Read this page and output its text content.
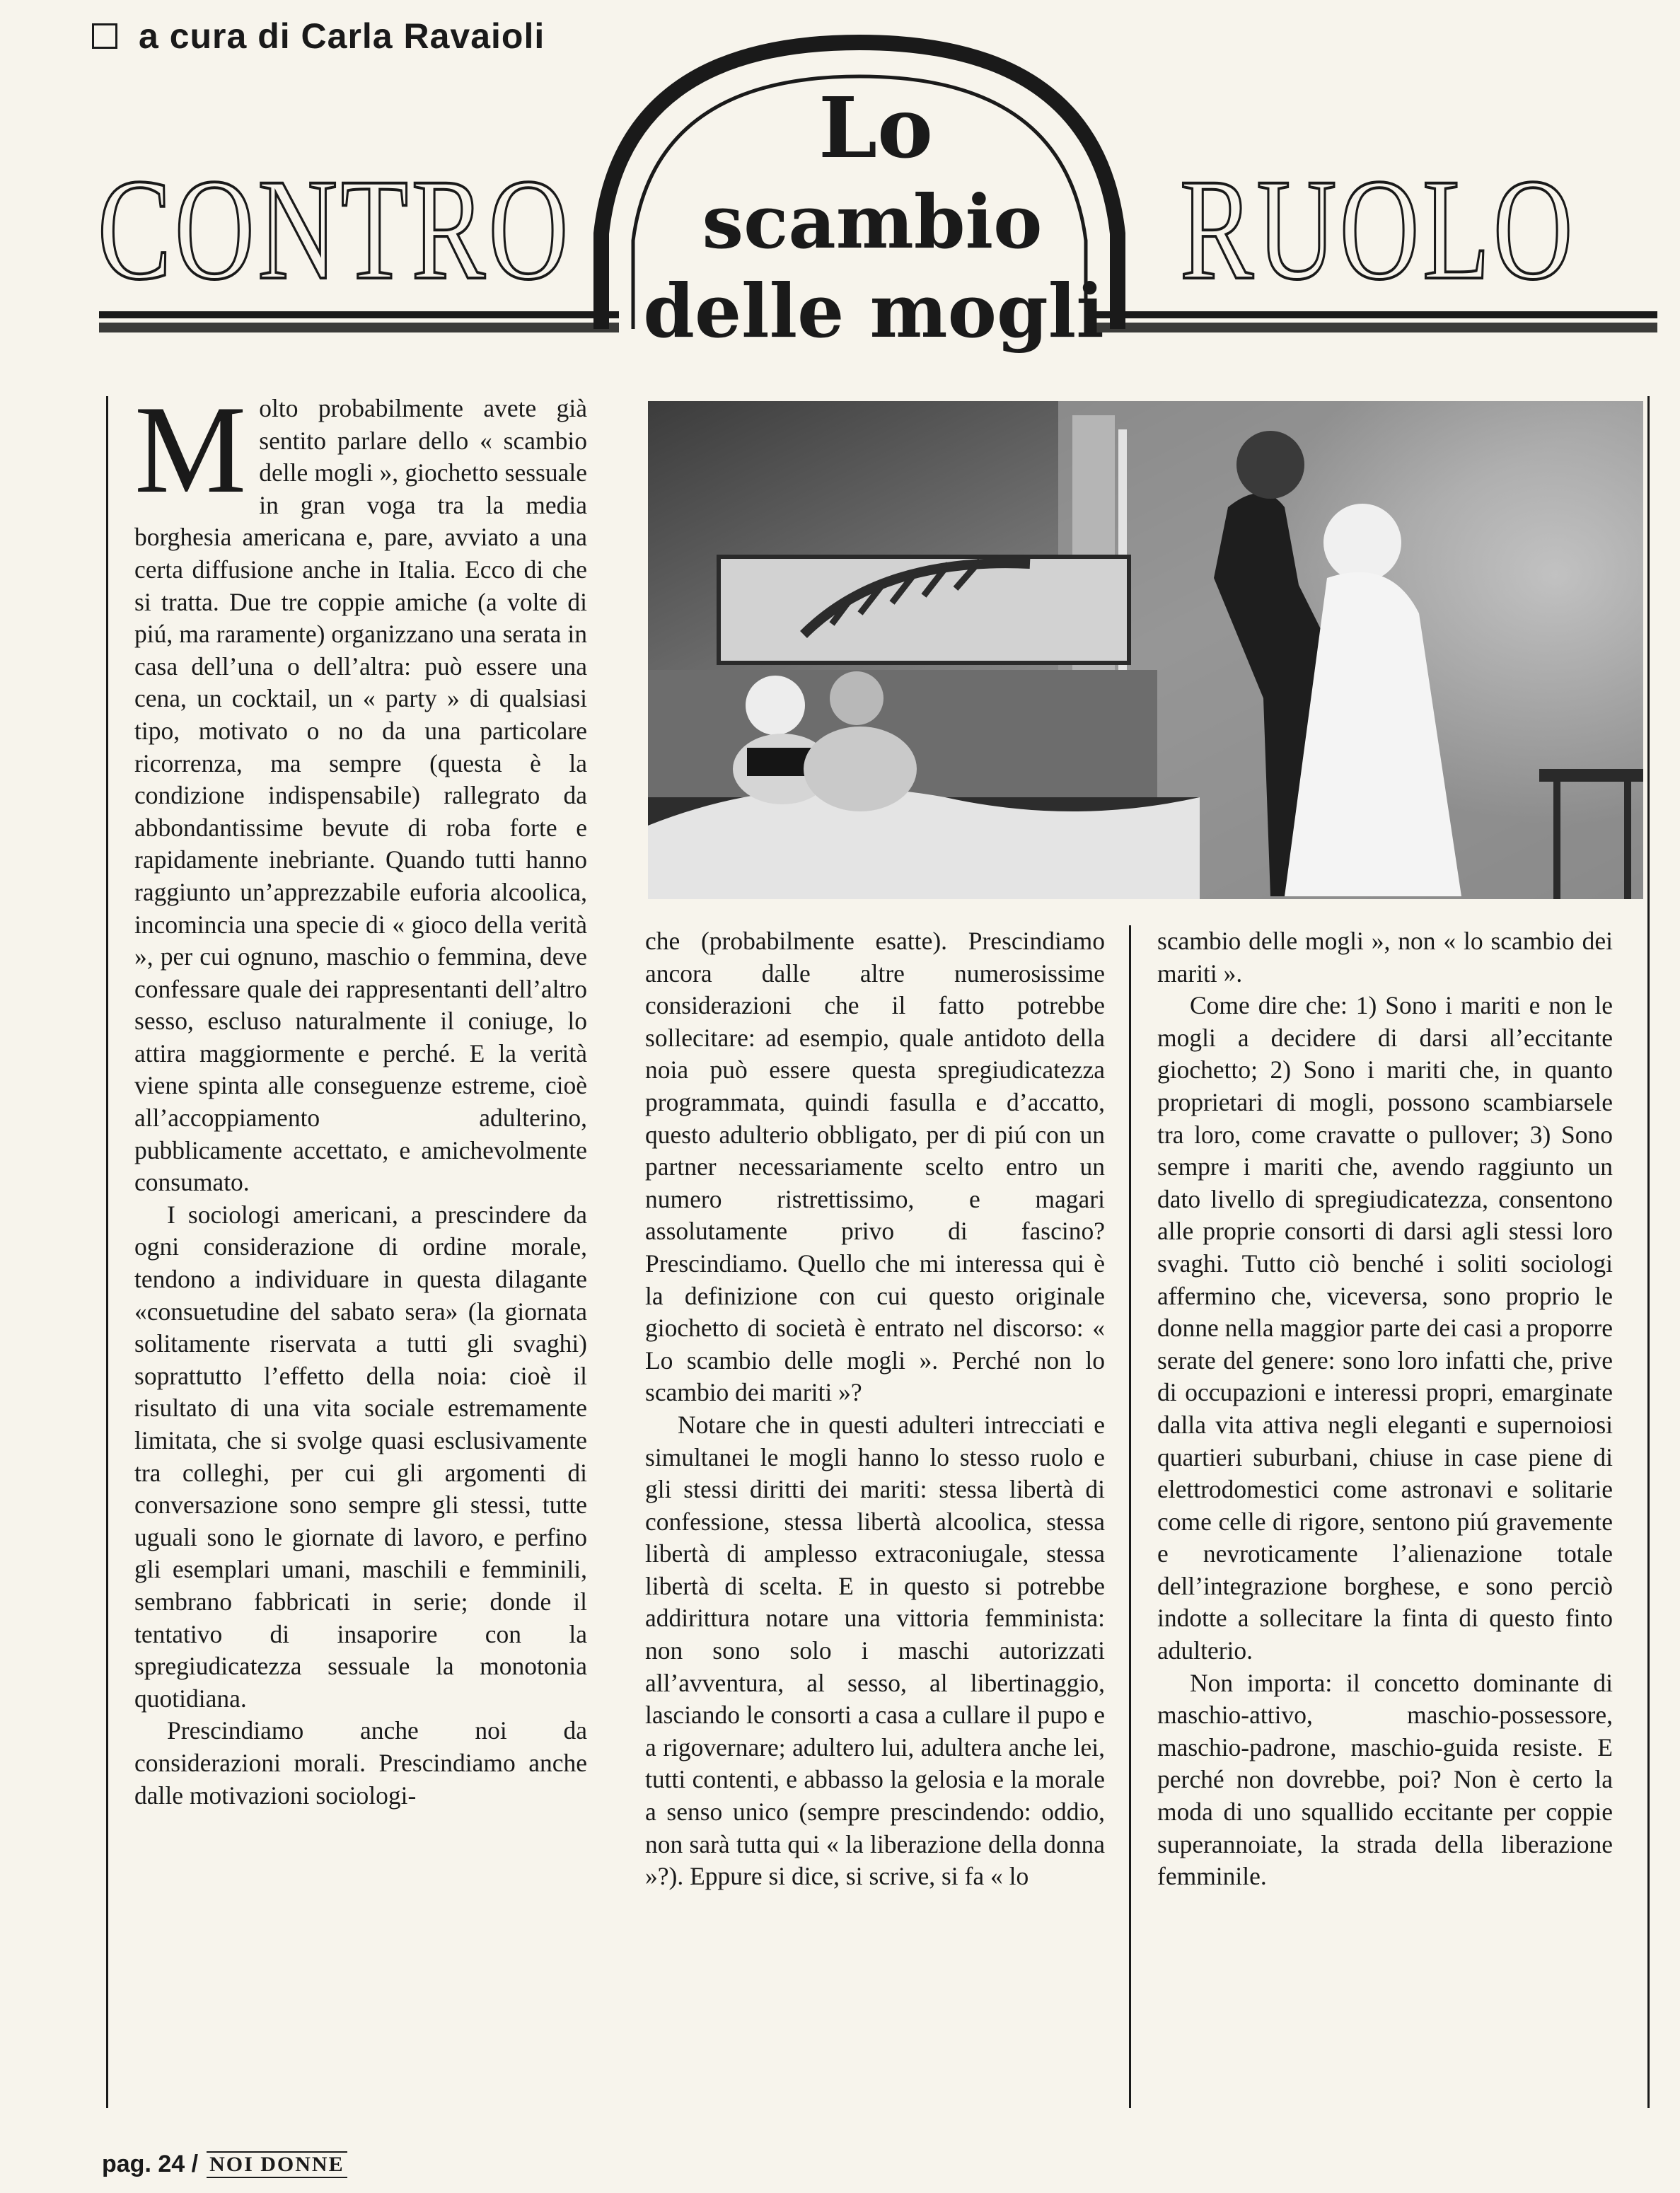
a cura di Carla Ravaioli
CONTRO	RUOLO
Lo
scambio
delle mogli

Molto probabilmente avete già sentito parlare dello « scambio delle mogli », giochetto sessuale in gran voga tra la media borghesia americana e, pare, avviato a una certa diffusione anche in Italia. Ecco di che si tratta. Due tre coppie amiche (a volte di piú, ma raramente) organizzano una serata in casa dell’una o dell’altra: può essere una cena, un cocktail, un « party » di qualsiasi tipo, motivato o no da una particolare ricorrenza, ma sempre (questa è la condizione indispensabile) rallegrato da abbondantissime bevute di roba forte e rapidamente inebriante. Quando tutti hanno raggiunto un’apprezzabile euforia alcoolica, incomincia una specie di « gioco della verità », per cui ognuno, maschio o femmina, deve confessare quale dei rappresentanti dell’altro sesso, escluso naturalmente il coniuge, lo attira maggiormente e perché. E la verità viene spinta alle conseguenze estreme, cioè all’accoppiamento adulterino, pubblicamente accettato, e amichevolmente consumato.

I sociologi americani, a prescindere da ogni considerazione di ordine morale, tendono a individuare in questa dilagante «consuetudine del sabato sera» (la giornata solitamente riservata a tutti gli svaghi) soprattutto l’effetto della noia: cioè il risultato di una vita sociale estremamente limitata, che si svolge quasi esclusivamente tra colleghi, per cui gli argomenti di conversazione sono sempre gli stessi, tutte uguali sono le giornate di lavoro, e perfino gli esemplari umani, maschili e femminili, sembrano fabbricati in serie; donde il tentativo di insaporire con la spregiudicatezza sessuale la monotonia quotidiana.

Prescindiamo anche noi da considerazioni morali. Prescindiamo anche dalle motivazioni sociologi-

che (probabilmente esatte). Prescindiamo ancora dalle altre numerosissime considerazioni che il fatto potrebbe sollecitare: ad esempio, quale antidoto della noia può essere questa spregiudicatezza programmata, quindi fasulla e d’accatto, questo adulterio obbligato, per di piú con un partner necessariamente scelto entro un numero ristrettissimo, e magari assolutamente privo di fascino? Prescindiamo. Quello che mi interessa qui è la definizione con cui questo originale giochetto di società è entrato nel discorso: « Lo scambio delle mogli ». Perché non lo scambio dei mariti »?

Notare che in questi adulteri intrecciati e simultanei le mogli hanno lo stesso ruolo e gli stessi diritti dei mariti: stessa libertà di confessione, stessa libertà alcoolica, stessa libertà di amplesso extraconiugale, stessa libertà di scelta. E in questo si potrebbe addirittura notare una vittoria femminista: non sono solo i maschi autorizzati all’avventura, al sesso, al libertinaggio, lasciando le consorti a casa a cullare il pupo e a rigovernare; adultero lui, adultera anche lei, tutti contenti, e abbasso la gelosia e la morale a senso unico (sempre prescindendo: oddio, non sarà tutta qui « la liberazione della donna »?). Eppure si dice, si scrive, si fa « lo

scambio delle mogli », non « lo scambio dei mariti ».

Come dire che: 1) Sono i mariti e non le mogli a decidere di darsi all’eccitante giochetto; 2) Sono i mariti che, in quanto proprietari di mogli, possono scambiarsele tra loro, come cravatte o pullover; 3) Sono sempre i mariti che, avendo raggiunto un dato livello di spregiudicatezza, consentono alle proprie consorti di darsi agli stessi loro svaghi. Tutto ciò benché i soliti sociologi affermino che, viceversa, sono proprio le donne nella maggior parte dei casi a proporre serate del genere: sono loro infatti che, prive di occupazioni e interessi propri, emarginate dalla vita attiva negli eleganti e supernoiosi quartieri suburbani, chiuse in case piene di elettrodomestici come astronavi e solitarie come celle di rigore, sentono piú gravemente e nevroticamente l’alienazione totale dell’integrazione borghese, e sono perciò indotte a sollecitare la finta di questo finto adulterio.

Non importa: il concetto dominante di maschio-attivo, maschio-possessore, maschio-padrone, maschio-guida resiste. E perché non dovrebbe, poi? Non è certo la moda di uno squallido eccitante per coppie superannoiate, la strada della liberazione femminile.

pag. 24 / NOI DONNE
